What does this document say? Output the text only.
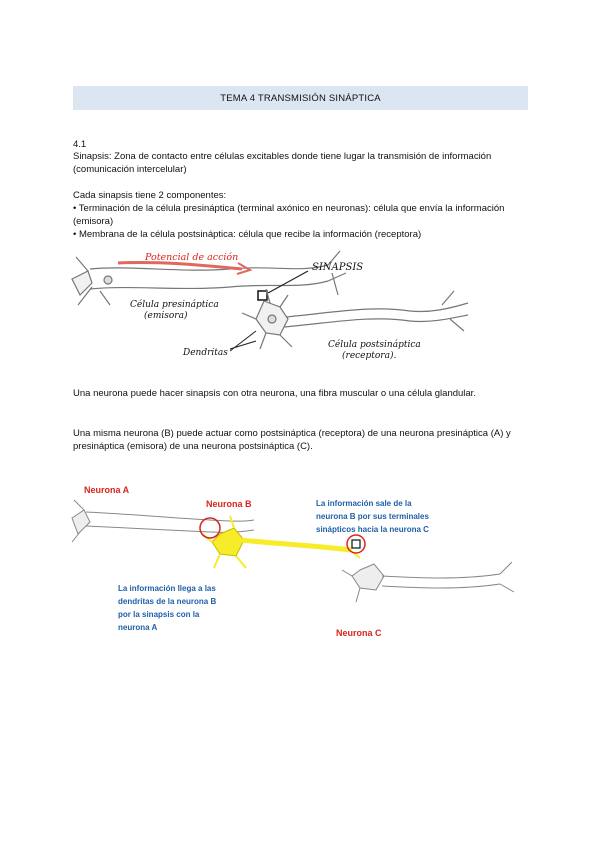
TEMA 4 TRANSMISIÓN SINÁPTICA
4.1
Sinapsis: Zona de contacto entre células excitables donde tiene lugar la transmisión de información (comunicación intercelular)
Cada sinapsis tiene 2 componentes:
• Terminación de la célula presináptica (terminal axónico en neuronas): célula que envía la información (emisora)
• Membrana de la célula postsináptica: célula que recibe la información (receptora)
Potencial de acción
SINAPSIS
Célula presináptica
(emisora)
Dendritas
Célula postsináptica
(receptora).
Una neurona puede hacer sinapsis con otra neurona, una fibra muscular o una célula glandular.
Una misma neurona (B) puede actuar como postsináptica (receptora) de una neurona presináptica (A) y presináptica (emisora) de una neurona postsináptica (C).
Neurona A
Neurona B
Neurona C
La información sale de la
neurona B por sus terminales
sinápticos hacia la neurona C
La información llega a las
dendritas de la neurona B
por la sinapsis con la
neurona A
